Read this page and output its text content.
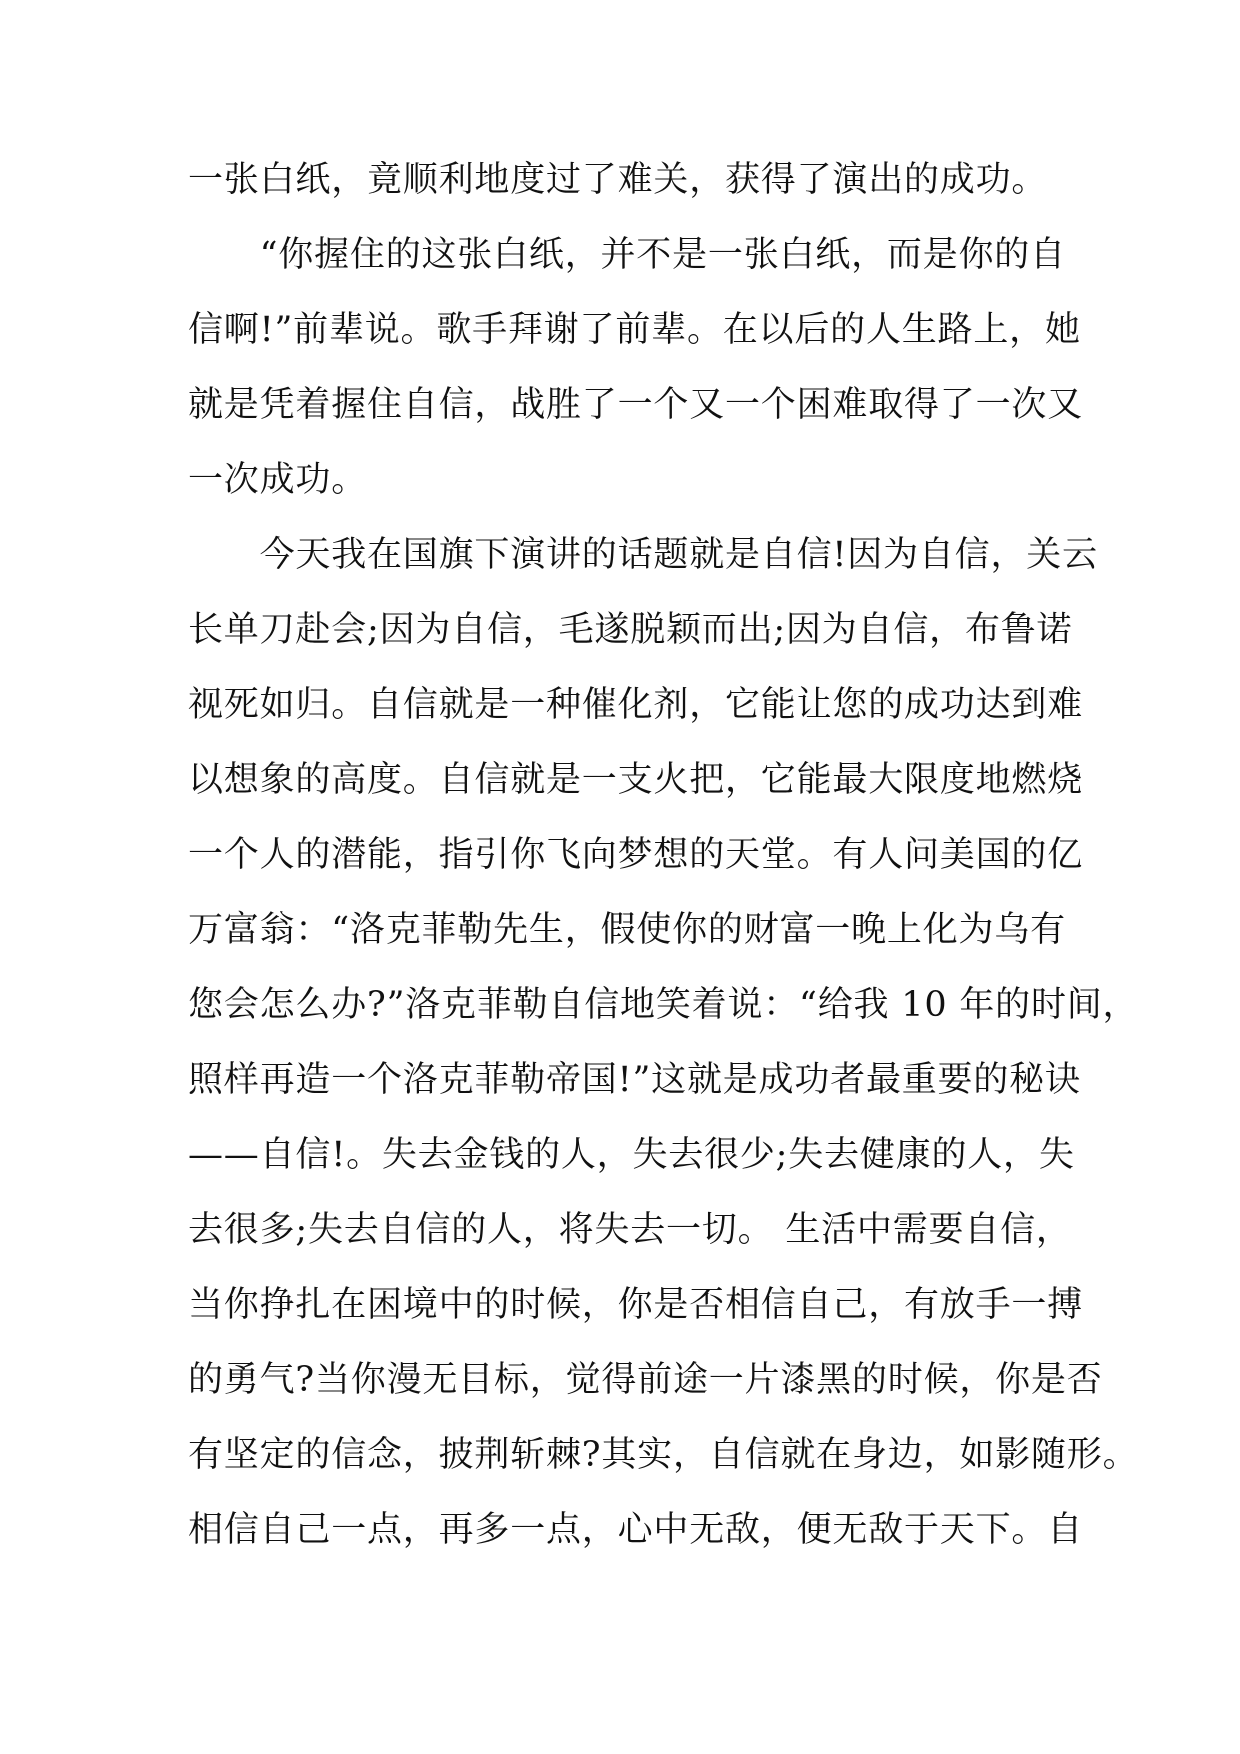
一张白纸，竟顺利地度过了难关，获得了演出的成功。
　　“你握住的这张白纸，并不是一张白纸，而是你的自
信啊!”前辈说。歌手拜谢了前辈。在以后的人生路上，她
就是凭着握住自信，战胜了一个又一个困难取得了一次又
一次成功。
　　今天我在国旗下演讲的话题就是自信!因为自信，关云
长单刀赴会;因为自信，毛遂脱颖而出;因为自信，布鲁诺
视死如归。自信就是一种催化剂，它能让您的成功达到难
以想象的高度。自信就是一支火把，它能最大限度地燃烧
一个人的潜能，指引你飞向梦想的天堂。有人问美国的亿
万富翁：“洛克菲勒先生，假使你的财富一晚上化为乌有
您会怎么办?”洛克菲勒自信地笑着说：“给我 10 年的时间，
照样再造一个洛克菲勒帝国!”这就是成功者最重要的秘诀
——自信!。失去金钱的人，失去很少;失去健康的人，失
去很多;失去自信的人，将失去一切。 生活中需要自信，
当你挣扎在困境中的时候，你是否相信自己，有放手一搏
的勇气?当你漫无目标，觉得前途一片漆黑的时候，你是否
有坚定的信念，披荆斩棘?其实，自信就在身边，如影随形。
相信自己一点，再多一点，心中无敌，便无敌于天下。自
